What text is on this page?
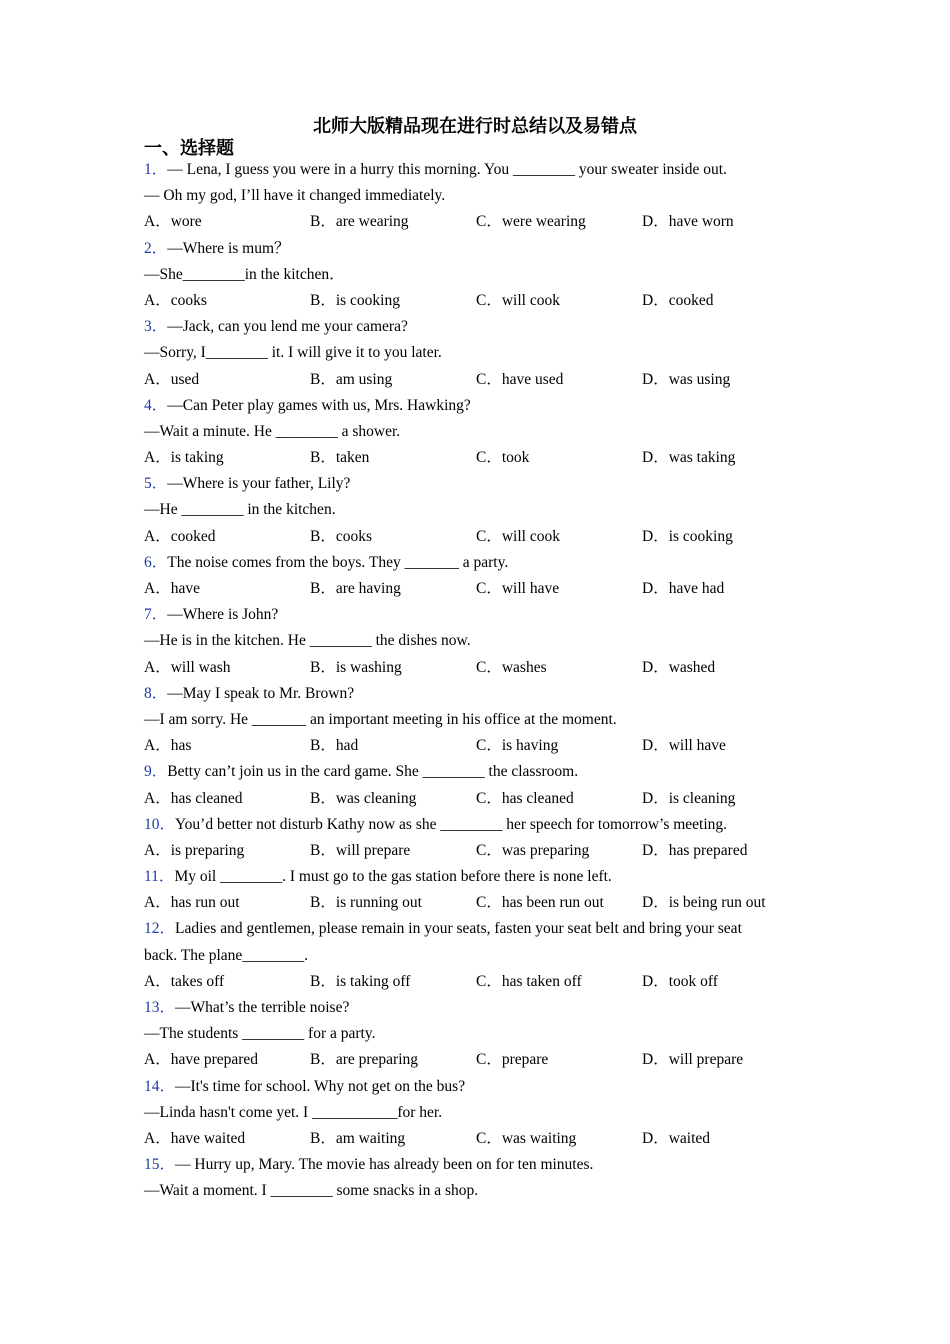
北师大版精品现在进行时总结以及易错点
一、选择题
1．— Lena, I guess you were in a hurry this morning. You ________ your sweater inside out.
— Oh my god, I’ll have it changed immediately.
A．wore	B．are wearing	C．were wearing	D．have worn
2．—Where is mum？
—She________in the kitchen．
A．cooks	B．is cooking	C．will cook	D．cooked
3．—Jack, can you lend me your camera?
—Sorry, I________ it. I will give it to you later.
A．used	B．am using	C．have used	D．was using
4．—Can Peter play games with us, Mrs. Hawking?
—Wait a minute. He ________ a shower.
A．is taking	B．taken	C．took	D．was taking
5．—Where is your father, Lily?
—He ________ in the kitchen.
A．cooked	B．cooks	C．will cook	D．is cooking
6．The noise comes from the boys. They _______ a party.
A．have	B．are having	C．will have	D．have had
7．—Where is John?
—He is in the kitchen. He ________ the dishes now.
A．will wash	B．is washing	C．washes	D．washed
8．—May I speak to Mr. Brown?
—I am sorry. He _______ an important meeting in his office at the moment.
A．has	B．had	C．is having	D．will have
9．Betty can’t join us in the card game. She ________ the classroom.
A．has cleaned	B．was cleaning	C．has cleaned	D．is cleaning
10．You’d better not disturb Kathy now as she ________ her speech for tomorrow’s meeting.
A．is preparing	B．will prepare	C．was preparing	D．has prepared
11．My oil ________. I must go to the gas station before there is none left.
A．has run out	B．is running out	C．has been run out	D．is being run out
12．Ladies and gentlemen, please remain in your seats, fasten your seat belt and bring your seat
back. The plane________.
A．takes off	B．is taking off	C．has taken off	D．took off
13．—What’s the terrible noise?
—The students ________ for a party.
A．have prepared	B．are preparing	C．prepare	D．will prepare
14．—It's time for school. Why not get on the bus?
—Linda hasn't come yet. I ___________for her.
A．have waited	B．am waiting	C．was waiting	D．waited
15．— Hurry up, Mary. The movie has already been on for ten minutes.
—Wait a moment. I ________ some snacks in a shop.
